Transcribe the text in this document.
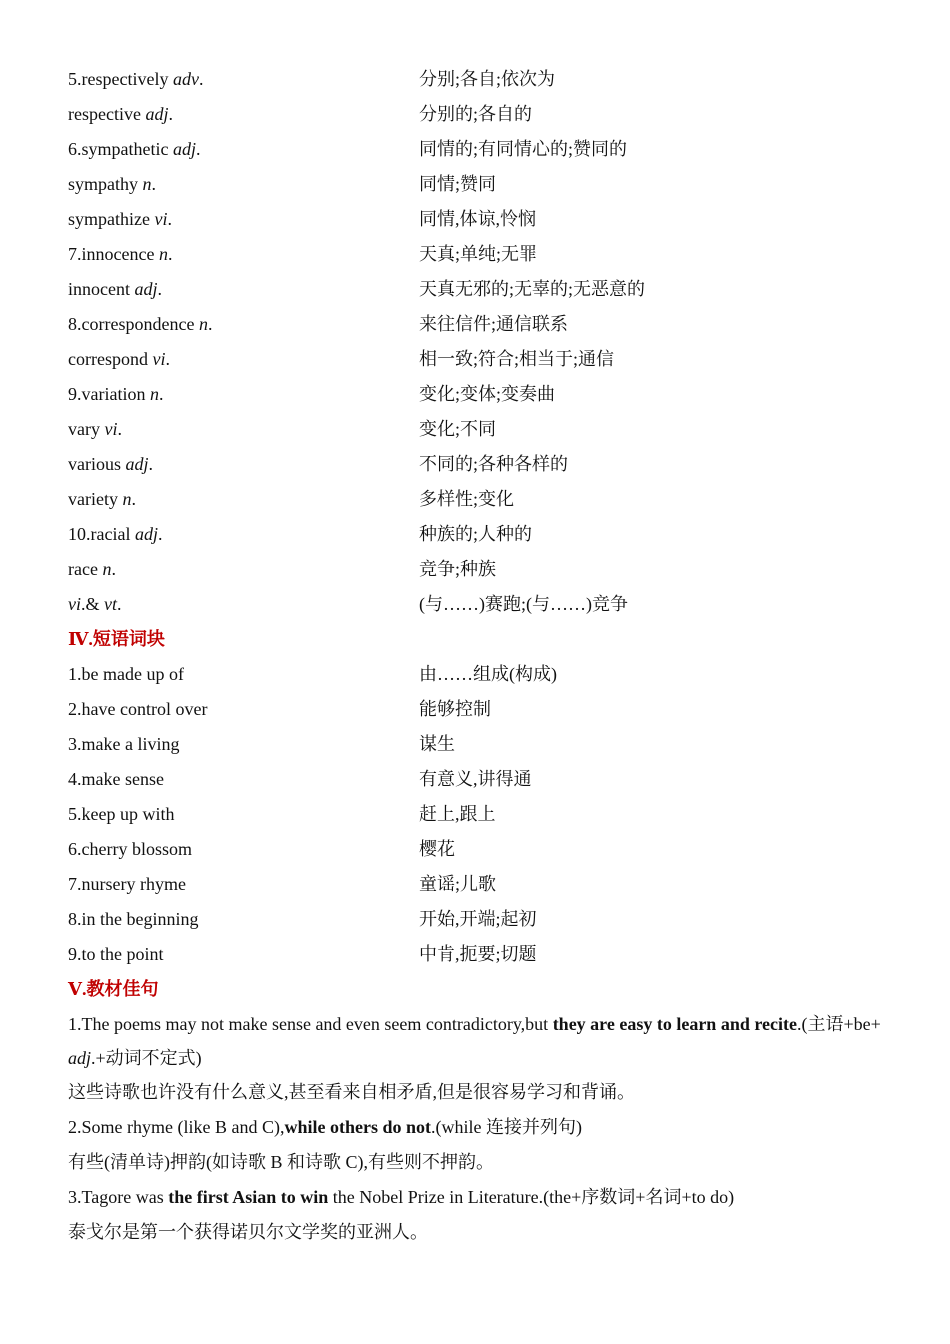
5.respectively adv.	分别;各自;依次为
respective adj.	分别的;各自的
6.sympathetic adj.	同情的;有同情心的;赞同的
sympathy n.	同情;赞同
sympathize vi.	同情,体谅,怜悯
7.innocence n.	天真;单纯;无罪
innocent adj.	天真无邪的;无辜的;无恶意的
8.correspondence n.	来往信件;通信联系
correspond vi.	相一致;符合;相当于;通信
9.variation n.	变化;变体;变奏曲
vary vi.	变化;不同
various adj.	不同的;各种各样的
variety n.	多样性;变化
10.racial adj.	种族的;人种的
race n.	竞争;种族
vi.& vt.	(与……)赛跑;(与……)竞争
Ⅳ.短语词块
1.be made up of	由……组成(构成)
2.have control over	能够控制
3.make a living	谋生
4.make sense	有意义,讲得通
5.keep up with	赶上,跟上
6.cherry blossom	樱花
7.nursery rhyme	童谣;儿歌
8.in the beginning	开始,开端;起初
9.to the point	中肯,扼要;切题
Ⅴ.教材佳句
1.The poems may not make sense and even seem contradictory,but they are easy to learn and recite.(主语+be+ adj.+动词不定式)
这些诗歌也许没有什么意义,甚至看来自相矛盾,但是很容易学习和背诵。
2.Some rhyme (like B and C),while others do not.(while 连接并列句)
有些(清单诗)押韵(如诗歌 B 和诗歌 C),有些则不押韵。
3.Tagore was the first Asian to win the Nobel Prize in Literature.(the+序数词+名词+to do)
泰戈尔是第一个获得诺贝尔文学奖的亚洲人。
